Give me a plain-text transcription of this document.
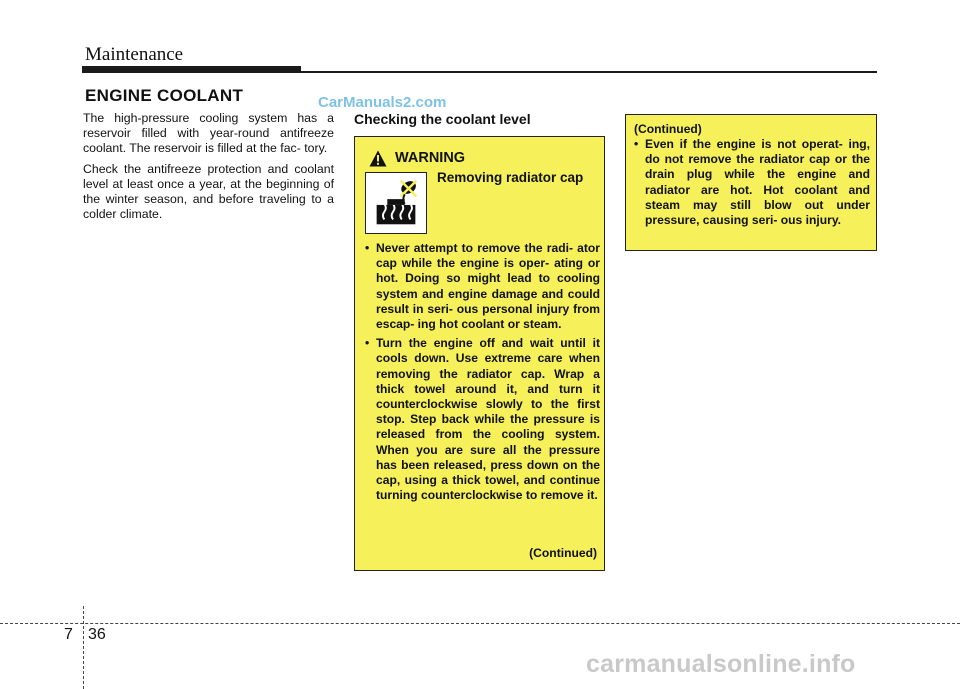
Maintenance
ENGINE COOLANT	CarManuals2.com

The high-pressure cooling system has a reservoir filled with year-round antifreeze coolant. The reservoir is filled at the fac- tory.

Check the antifreeze protection and coolant level at least once a year, at the beginning of the winter season, and before traveling to a colder climate.

Checking the coolant level
WARNING
Removing radiator cap
• Never attempt to remove the radi- ator cap while the engine is oper- ating or hot. Doing so might lead to cooling system and engine damage and could result in seri- ous personal injury from escap- ing hot coolant or steam.
• Turn the engine off and wait until it cools down. Use extreme care when removing the radiator cap. Wrap a thick towel around it, and turn it counterclockwise slowly to the first stop. Step back while the pressure is released from the cooling system. When you are sure all the pressure has been released, press down on the cap, using a thick towel, and continue turning counterclockwise to remove it.
(Continued)
(Continued)
• Even if the engine is not operat- ing, do not remove the radiator cap or the drain plug while the engine and radiator are hot. Hot coolant and steam may still blow out under pressure, causing seri- ous injury.
7 36
carmanualsonline.info
